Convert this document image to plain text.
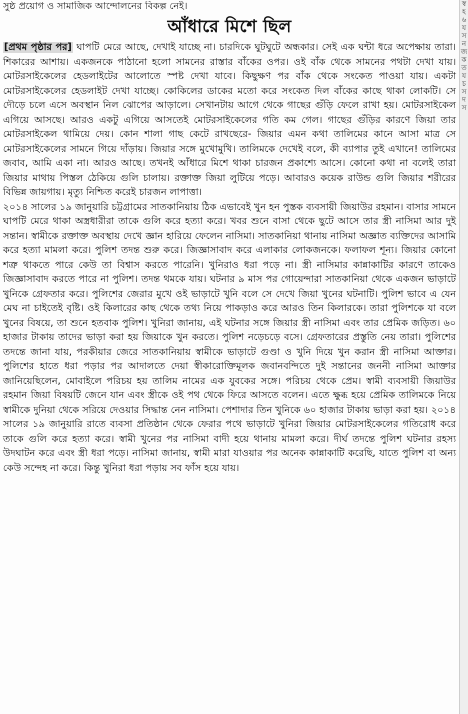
সুষ্ঠ প্রয়োগ ও সামাজিক আন্দোলনের বিকল্প নেই।
আঁধারে মিশে ছিল

[প্রথম পৃষ্ঠার পর] ঘাপটি মেরে আছে, দেখাই যাচ্ছে না। চারদিকে ঘুটঘুটে অন্ধকার। সেই এক ঘন্টা ধরে অপেক্ষায় তারা। শিকারের আশায়। একজনকে পাঠানো হলো সামনের রাস্তার বাঁকের ওপর। ওই বাঁক থেকে সামনের পথটা দেখা যায়। মোটরসাইকেলের হেডলাইটের আলোতে স্পষ্ট দেখা যাবে। কিছুক্ষণ পর বাঁক থেকে সংকেত পাওয়া যায়। একটা মোটরসাইকেলের হেডলাইট দেখা যাচ্ছে। কোকিলের ডাকের মতো করে সংকেত দিল বাঁকের কাছে থাকা লোকটি। সে দৌড়ে চলে এসে অবস্থান নিল ঝোপের আড়ালে। সেখানটায় আগে থেকে গাছের গুঁড়ি ফেলে রাখা হয়। মোটরসাইকেল এগিয়ে আসছে। আরও একটু এগিয়ে আসতেই মোটরসাইকেলের গতি কম গেল। গাছের গুঁড়ির কারণে জিয়া তার মোটরসাইকেল থামিয়ে দেয়। কোন শালা গাছ কেটে রাখছেরে- জিয়ার এমন কথা তালিমের কানে আসা মাত্র সে মোটরসাইকেলের সামনে গিয়ে দাঁড়ায়। জিয়ার সঙ্গে মুখোমুখি। তালিমকে দেখেই বলে, কী ব্যাপার তুই এখানে! তালিমের জবাব, আমি একা না। আরও আছে। তখনই আঁধারে মিশে থাকা চারজন প্রকাশ্যে আসে। কোনো কথা না বলেই তারা জিয়ার মাথায় পিস্তল ঠেকিয়ে গুলি চালায়। রক্তাক্ত জিয়া লুটিয়ে পড়ে। আবারও কয়েক রাউন্ড গুলি জিয়ার শরীরের বিভিন্ন জায়গায়। মৃত্যু নিশ্চিত করেই চারজন লাপাত্তা।

২০১৪ সালের ১৯ জানুয়ারি চট্টগ্রামের সাতকানিয়ায় ঠিক এভাবেই খুন হন পুস্তক ব্যবসায়ী জিয়াউর রহমান। বাসার সামনে ঘাপটি মেরে থাকা অস্ত্রধারীরা তাকে গুলি করে হত্যা করে। খবর শুনে বাসা থেকে ছুটে আসে তার স্ত্রী নাসিমা আর দুই সন্তান। স্বামীকে রক্তাক্ত অবস্থায় দেখে জ্ঞান হারিয়ে ফেলেন নাসিমা। সাতকানিয়া থানায় নাসিমা অজ্ঞাত ব্যক্তিদের আসামি করে হত্যা মামলা করে। পুলিশ তদন্ত শুরু করে। জিজ্ঞাসাবাদ করে এলাকার লোকজনকে। ফলাফল শূন্য। জিয়ার কোনো শত্রু থাকতে পারে কেউ তা বিশ্বাস করতে পারেনি। খুনিরাও ধরা পড়ে না। স্ত্রী নাসিমার কান্নাকাটির কারণে তাকেও জিজ্ঞাসাবাদ করতে পারে না পুলিশ। তদন্ত থমকে যায়। ঘটনার ৯ মাস পর গোয়েন্দারা সাতকানিয়া থেকে একজন ভাড়াটে খুনিকে গ্রেফতার করে। পুলিশের জেরার মুখে ওই ভাড়াটে খুনি বলে সে দেখে জিয়া খুনের ঘটনাটি। পুলিশ ভাবে এ যেন মেঘ না চাইতেই বৃষ্টি। ওই কিলারের কাছ থেকে তথ্য নিয়ে পাকড়াও করে আরও তিন কিলারকে। তারা পুলিশকে যা বলে খুনের বিষয়ে, তা শুনে হতবাক পুলিশ। খুনিরা জানায়, এই ঘটনার সঙ্গে জিয়ার স্ত্রী নাসিমা এবং তার প্রেমিক জড়িত। ৬০ হাজার টাকায় তাদের ভাড়া করা হয় জিয়াকে খুন করতে। পুলিশ নড়েচড়ে বসে। গ্রেফতারের প্রস্তুতি নেয় তারা। পুলিশের তদন্তে জানা যায়, পরকীয়ার জেরে সাতকানিয়ায় স্বামীকে ভাড়াটে গুণ্ডা ও খুনি দিয়ে খুন করান স্ত্রী নাসিমা আক্তার। পুলিশের হাতে ধরা পড়ার পর আদালতে দেয়া স্বীকারোক্তিমূলক জবানবন্দিতে দুই সন্তানের জননী নাসিমা আক্তার জানিয়েছিলেন, মোবাইলে পরিচয় হয় তালিম নামের এক যুবকের সঙ্গে। পরিচয় থেকে প্রেম। স্বামী ব্যবসায়ী জিয়াউর রহমান জিয়া বিষয়টি জেনে যান এবং স্ত্রীকে ওই পথ থেকে ফিরে আসতে বলেন। এতে ক্ষুব্ধ হয়ে প্রেমিক তালিমকে নিয়ে স্বামীকে দুনিয়া থেকে সরিয়ে দেওয়ার সিদ্ধান্ত নেন নাসিমা। পেশাদার তিন খুনিকে ৬০ হাজার টাকায় ভাড়া করা হয়। ২০১৪ সালের ১৯ জানুয়ারি রাতে ব্যবসা প্রতিষ্ঠান থেকে ফেরার পথে ভাড়াটে খুনিরা জিয়ার মোটরসাইকেলের গতিরোধ করে তাকে গুলি করে হত্যা করে। স্বামী খুনের পর নাসিমা বাদী হয়ে থানায় মামলা করে। দীর্ঘ তদন্তে পুলিশ ঘটনার রহস্য উদঘাটন করে এবং স্ত্রী ধরা পড়ে। নাসিমা জানায়, স্বামী মারা যাওয়ার পর অনেক কান্নাকাটি করেছি, যাতে পুলিশ বা অন্য কেউ সন্দেহ না করে। কিন্তু খুনিরা ধরা পড়ায় সব ফাঁস হয়ে যায়।

স্ব হ ৬ য স ন জ ক ত য চ স দ স
